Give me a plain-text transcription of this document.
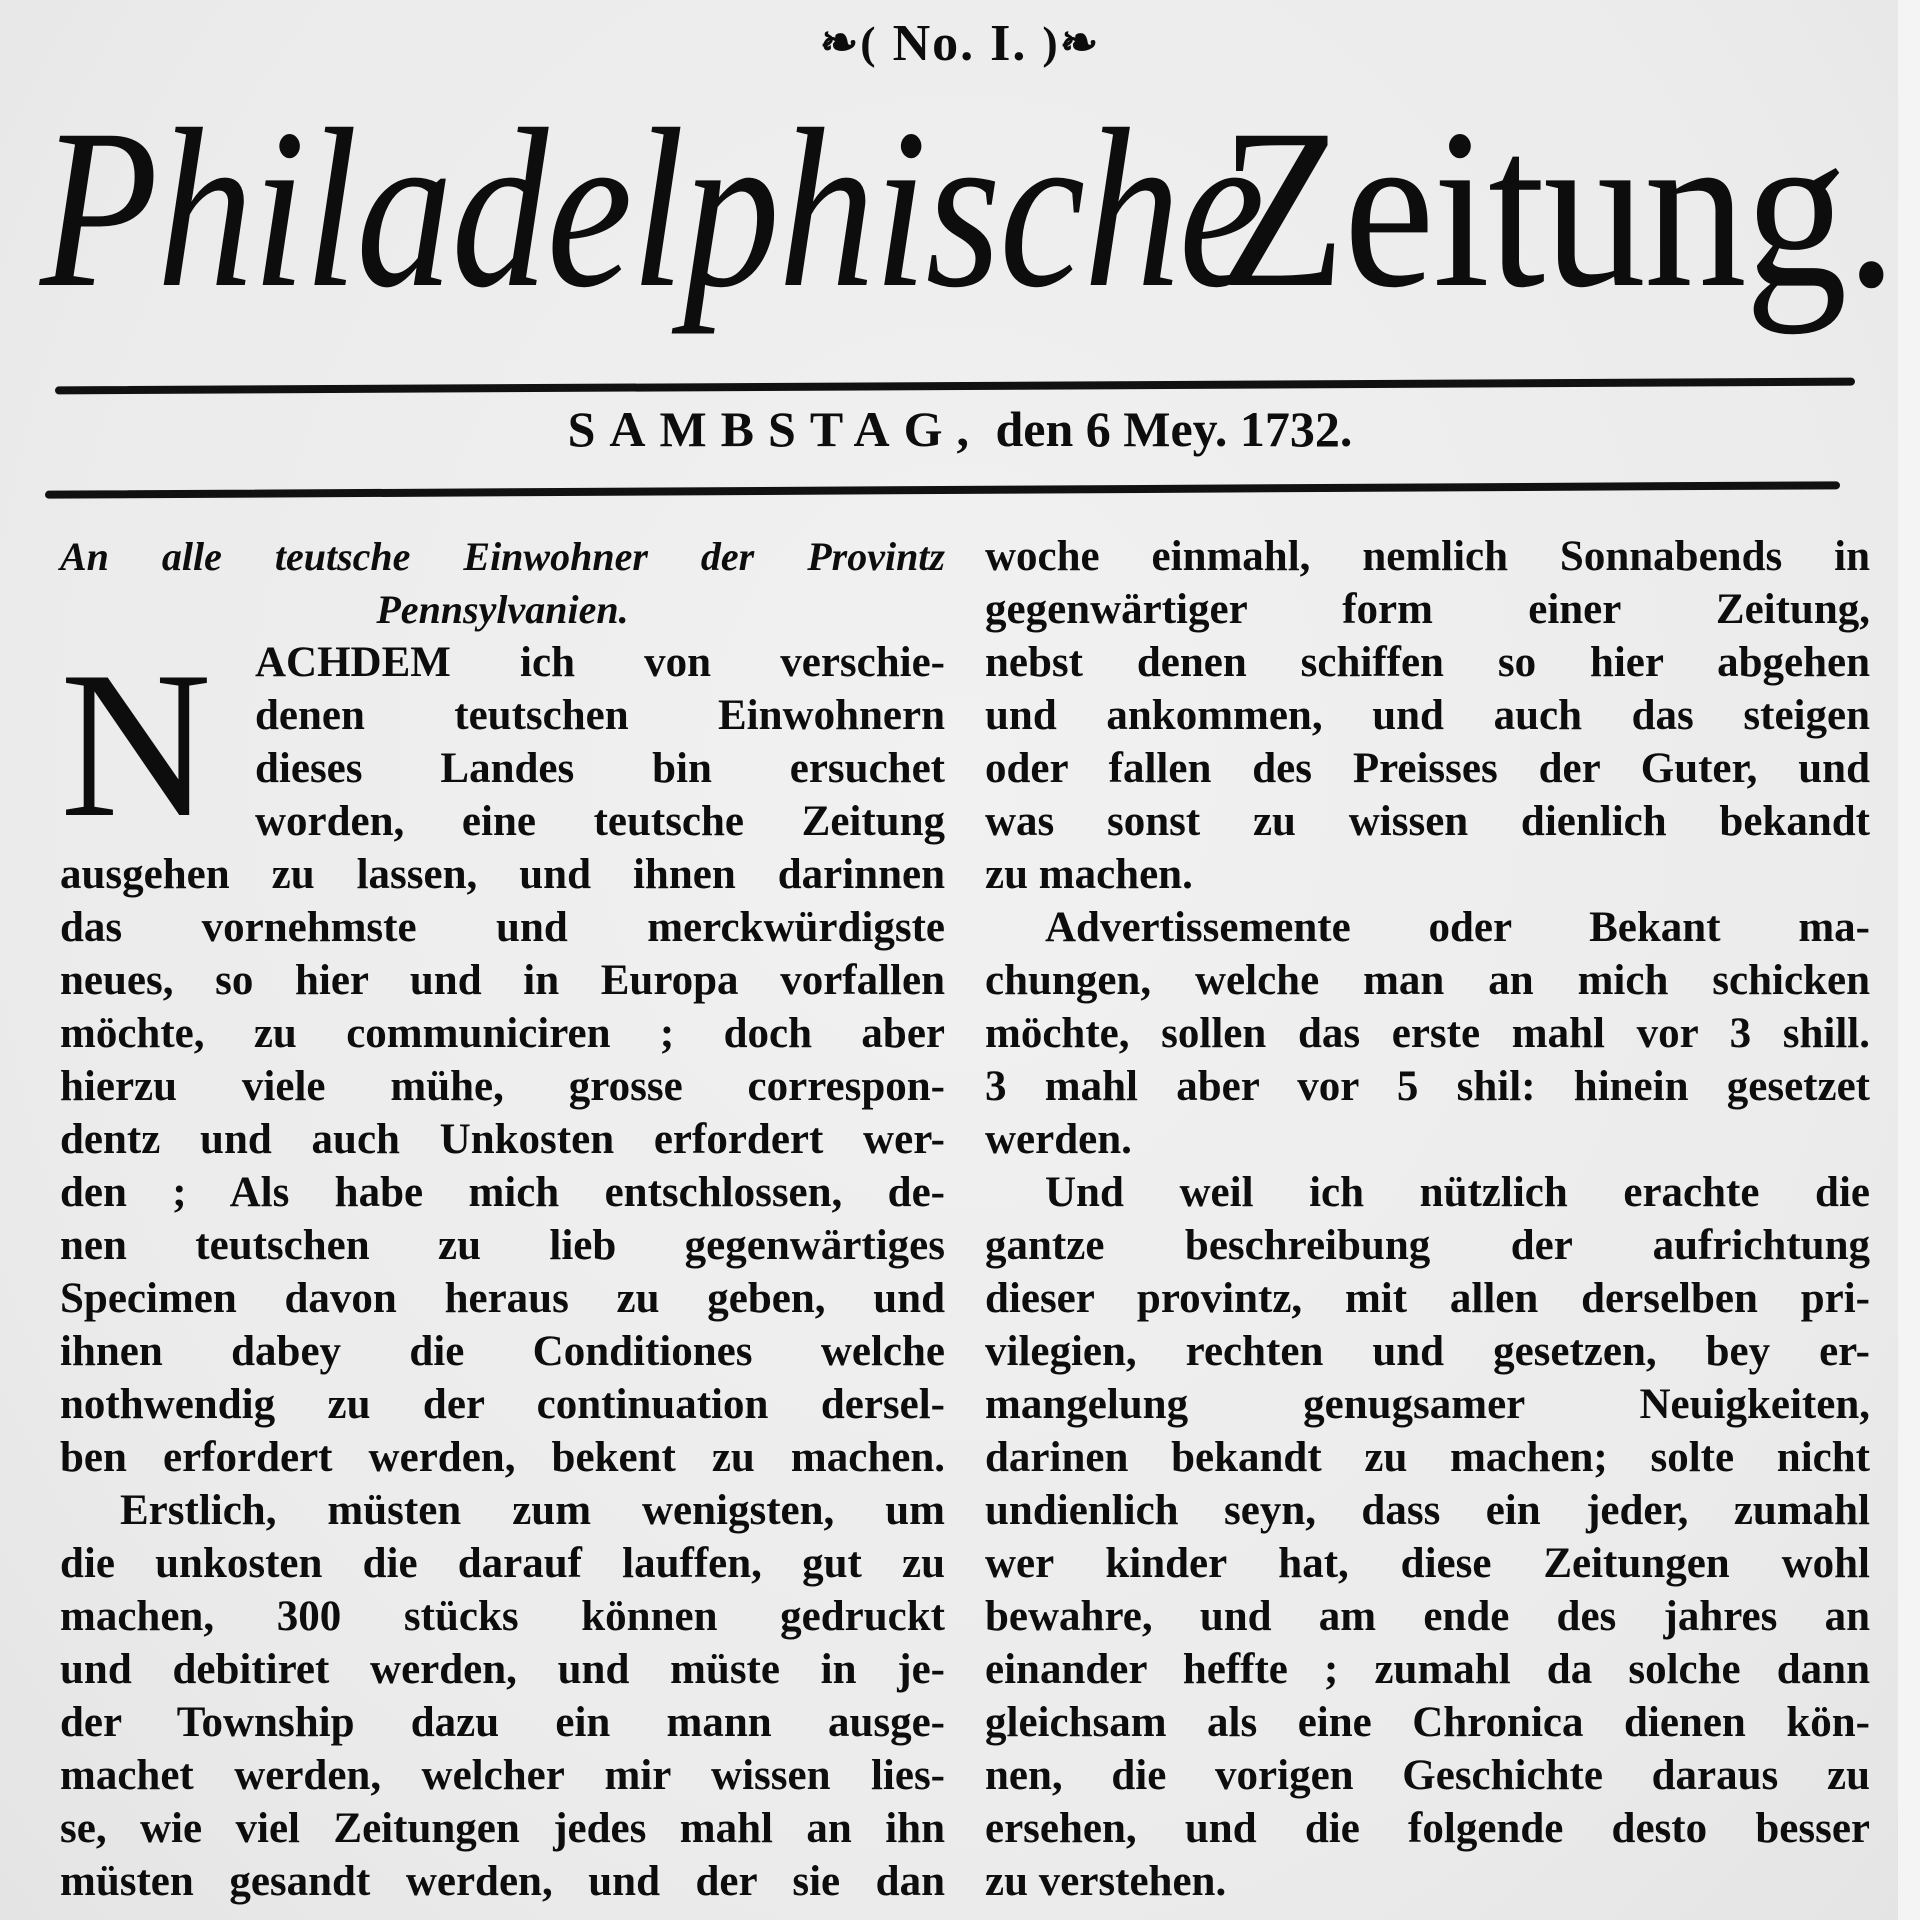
❧( No. I. )❧
Philadelphische
Zeitung.
SAMBSTAG, den 6 Mey. 1732.
An alle teutsche Einwohner der Provintz
Pennsylvanien.
N	ACHDEM ich von verschie-
denen teutschen Einwohnern
dieses Landes bin ersuchet
worden, eine teutsche Zeitung
ausgehen zu lassen, und ihnen darinnen
das vornehmste und merckwürdigste
neues, so hier und in Europa vorfallen
möchte, zu communiciren ; doch aber
hierzu viele mühe, grosse correspon-
dentz und auch Unkosten erfordert wer-
den ; Als habe mich entschlossen, de-
nen teutschen zu lieb gegenwärtiges
Specimen davon heraus zu geben, und
ihnen dabey die Conditiones welche
nothwendig zu der continuation dersel-
ben erfordert werden, bekent zu machen.
Erstlich, müsten zum wenigsten, um
die unkosten die darauf lauffen, gut zu
machen, 300 stücks können gedruckt
und debitiret werden, und müste in je-
der Township dazu ein mann ausge-
machet werden, welcher mir wissen lies-
se, wie viel Zeitungen jedes mahl an ihn
müsten gesandt werden, und der sie dan
woche einmahl, nemlich Sonnabends in
gegenwärtiger form einer Zeitung,
nebst denen schiffen so hier abgehen
und ankommen, und auch das steigen
oder fallen des Preisses der Guter, und
was sonst zu wissen dienlich bekandt
zu machen.
Advertissemente oder Bekant ma-
chungen, welche man an mich schicken
möchte, sollen das erste mahl vor 3 shill.
3 mahl aber vor 5 shil: hinein gesetzet
werden.
Und weil ich nützlich erachte die
gantze beschreibung der aufrichtung
dieser provintz, mit allen derselben pri-
vilegien, rechten und gesetzen, bey er-
mangelung genugsamer Neuigkeiten,
darinen bekandt zu machen; solte nicht
undienlich seyn, dass ein jeder, zumahl
wer kinder hat, diese Zeitungen wohl
bewahre, und am ende des jahres an
einander heffte ; zumahl da solche dann
gleichsam als eine Chronica dienen kön-
nen, die vorigen Geschichte daraus zu
ersehen, und die folgende desto besser
zu verstehen.
